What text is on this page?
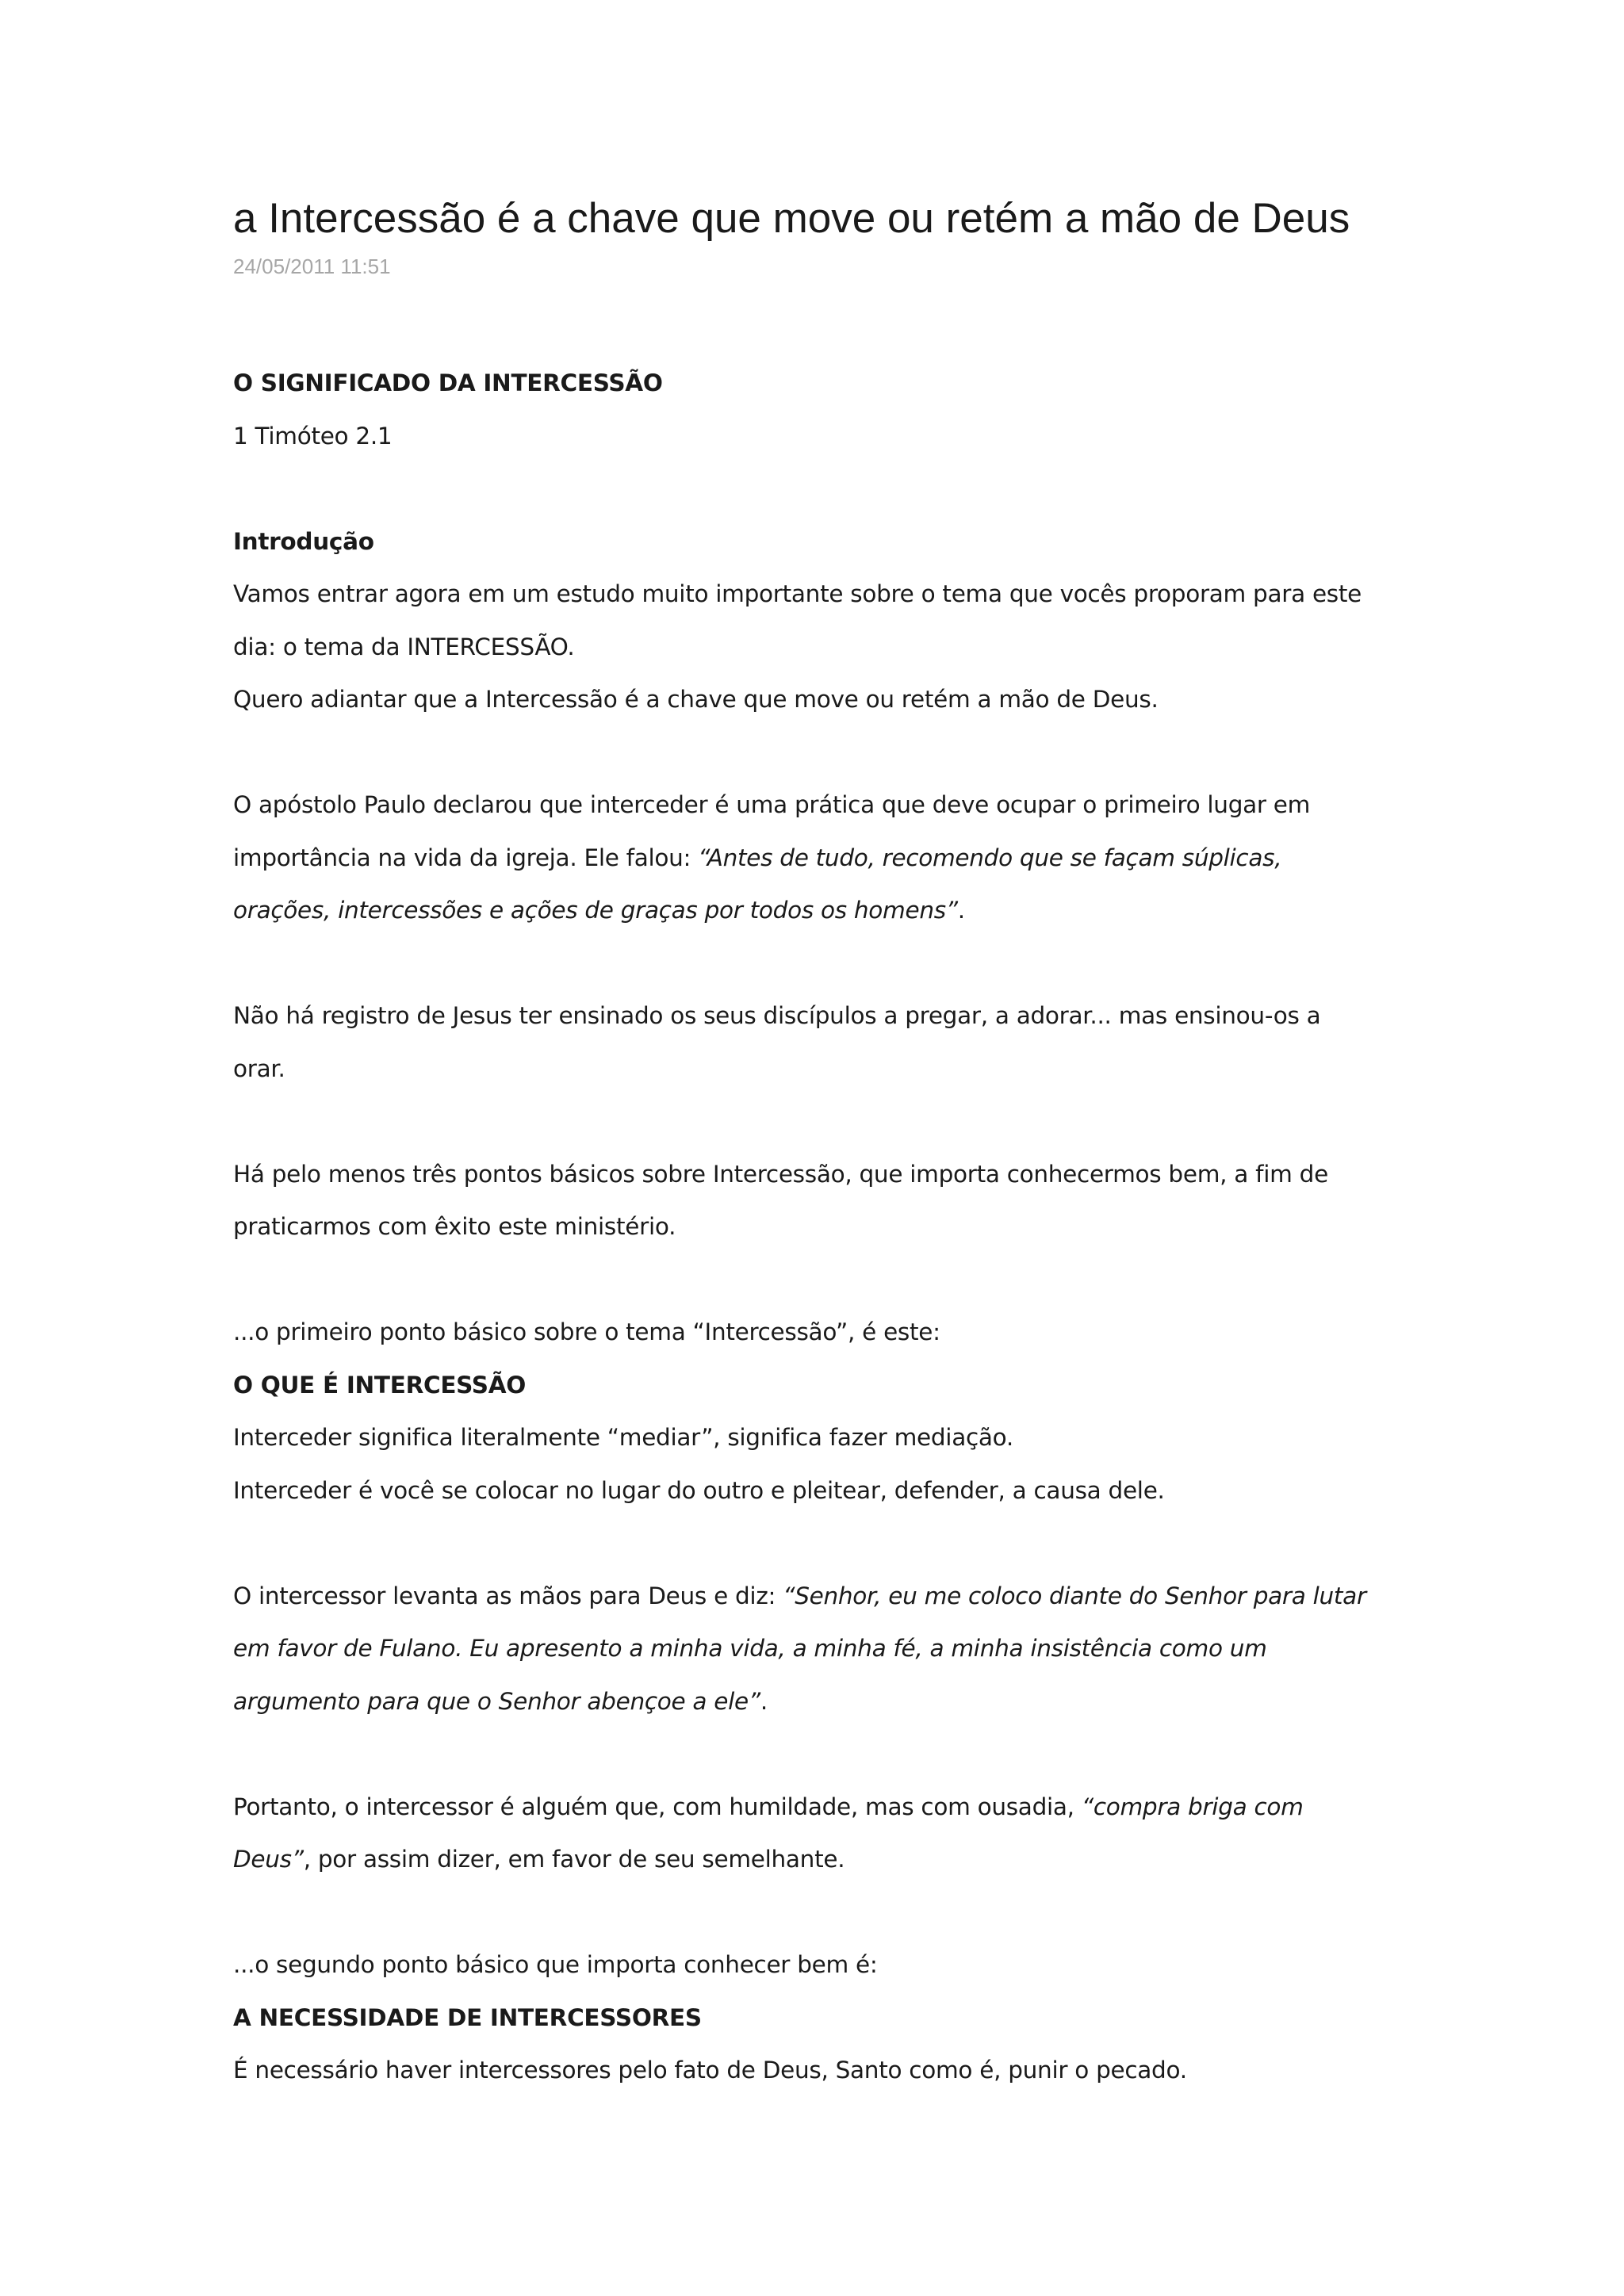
a Intercessão é a chave que move ou retém a mão de Deus
24/05/2011 11:51
O SIGNIFICADO DA INTERCESSÃO
1 Timóteo 2.1
Introdução
Vamos entrar agora em um estudo muito importante sobre o tema que vocês proporam para este
dia: o tema da INTERCESSÃO.
Quero adiantar que a Intercessão é a chave que move ou retém a mão de Deus.
O apóstolo Paulo declarou que interceder é uma prática que deve ocupar o primeiro lugar em
importância na vida da igreja. Ele falou: “Antes de tudo, recomendo que se façam súplicas,
orações, intercessões e ações de graças por todos os homens”.
Não há registro de Jesus ter ensinado os seus discípulos a pregar, a adorar... mas ensinou-os a
orar.
Há pelo menos três pontos básicos sobre Intercessão, que importa conhecermos bem, a fim de
praticarmos com êxito este ministério.
...o primeiro ponto básico sobre o tema “Intercessão”, é este:
O QUE É INTERCESSÃO
Interceder significa literalmente “mediar”, significa fazer mediação.
Interceder é você se colocar no lugar do outro e pleitear, defender, a causa dele.
O intercessor levanta as mãos para Deus e diz: “Senhor, eu me coloco diante do Senhor para lutar
em favor de Fulano. Eu apresento a minha vida, a minha fé, a minha insistência como um
argumento para que o Senhor abençoe a ele”.
Portanto, o intercessor é alguém que, com humildade, mas com ousadia, “compra briga com
Deus”, por assim dizer, em favor de seu semelhante.
...o segundo ponto básico que importa conhecer bem é:
A NECESSIDADE DE INTERCESSORES
É necessário haver intercessores pelo fato de Deus, Santo como é, punir o pecado.
